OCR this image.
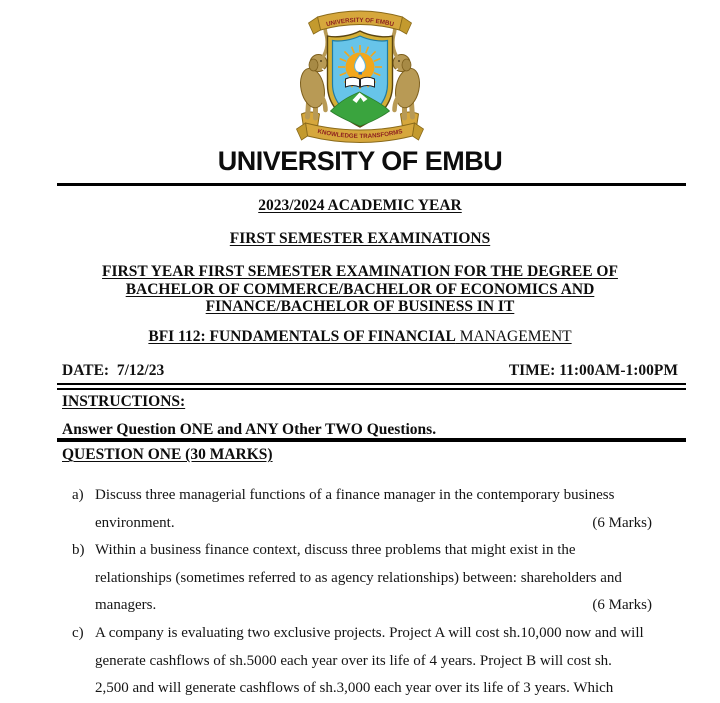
UNIVERSITY OF EMBU
KNOWLEDGE TRANSFORMS
UNIVERSITY OF EMBU
2023/2024 ACADEMIC YEAR
FIRST SEMESTER EXAMINATIONS
FIRST YEAR FIRST SEMESTER EXAMINATION FOR THE DEGREE OF
BACHELOR OF COMMERCE/BACHELOR OF ECONOMICS AND
FINANCE/BACHELOR OF BUSINESS IN IT
BFI 112: FUNDAMENTALS OF FINANCIAL MANAGEMENT
DATE:  7/12/23	TIME: 11:00AM-1:00PM
INSTRUCTIONS:
Answer Question ONE and ANY Other TWO Questions.
QUESTION ONE (30 MARKS)
a) Discuss three managerial functions of a finance manager in the contemporary business
environment.	(6 Marks)
b) Within a business finance context, discuss three problems that might exist in the
relationships (sometimes referred to as agency relationships) between: shareholders and
managers.	(6 Marks)
c) A company is evaluating two exclusive projects. Project A will cost sh.10,000 now and will
generate cashflows of sh.5000 each year over its life of 4 years. Project B will cost sh.
2,500 and will generate cashflows of sh.3,000 each year over its life of 3 years. Which
